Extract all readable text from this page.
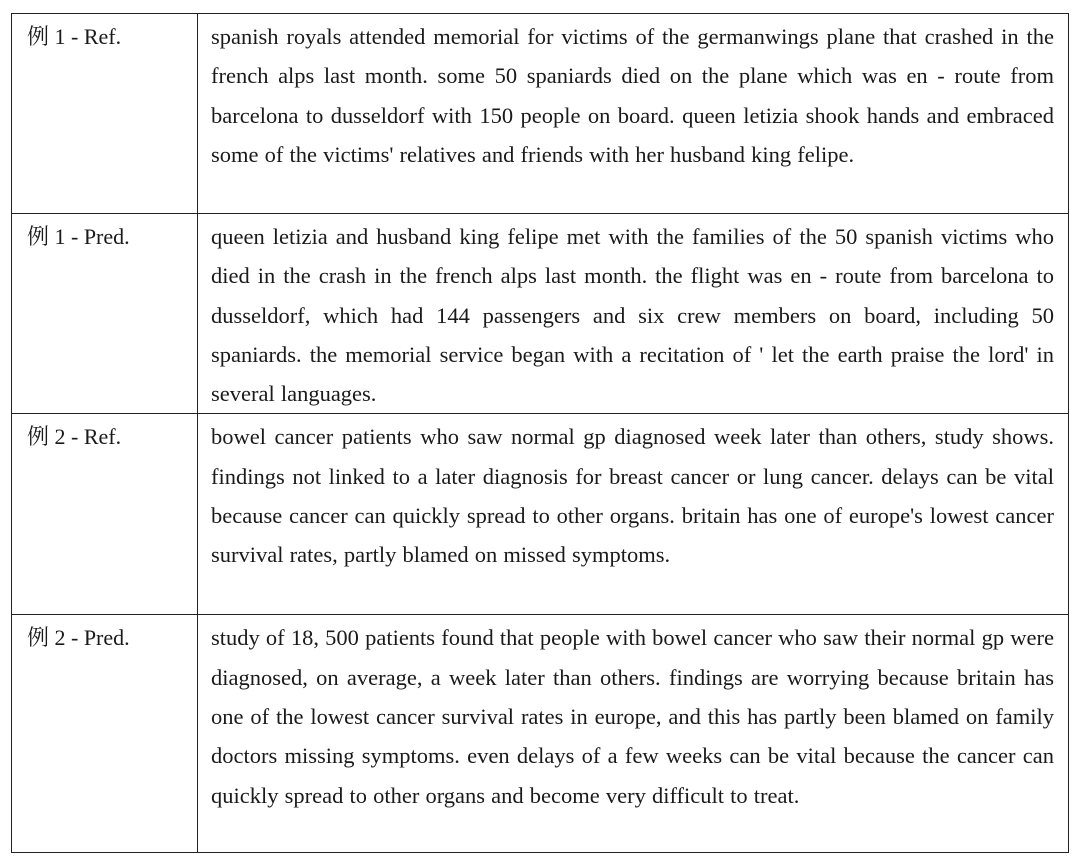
例 1 - Ref.	spanish royals attended memorial for victims of the germanwings plane that crashed in the french alps last month. some 50 spaniards died on the plane which was en - route from barcelona to dusseldorf with 150 people on board. queen letizia shook hands and embraced some of the victims' relatives and friends with her husband king felipe.
例 1 - Pred.	queen letizia and husband king felipe met with the families of the 50 spanish victims who died in the crash in the french alps last month. the flight was en - route from barcelona to dusseldorf, which had 144 passengers and six crew members on board, including 50 spaniards. the memorial service began with a recitation of ' let the earth praise the lord' in several languages.
例 2 - Ref.	bowel cancer patients who saw normal gp diagnosed week later than others, study shows. findings not linked to a later diagnosis for breast cancer or lung cancer. delays can be vital because cancer can quickly spread to other organs. britain has one of europe's lowest cancer survival rates, partly blamed on missed symptoms.
例 2 - Pred.	study of 18, 500 patients found that people with bowel cancer who saw their normal gp were diagnosed, on average, a week later than others. findings are worrying because britain has one of the lowest cancer survival rates in europe, and this has partly been blamed on family doctors missing symptoms. even delays of a few weeks can be vital because the cancer can quickly spread to other organs and become very difficult to treat.
